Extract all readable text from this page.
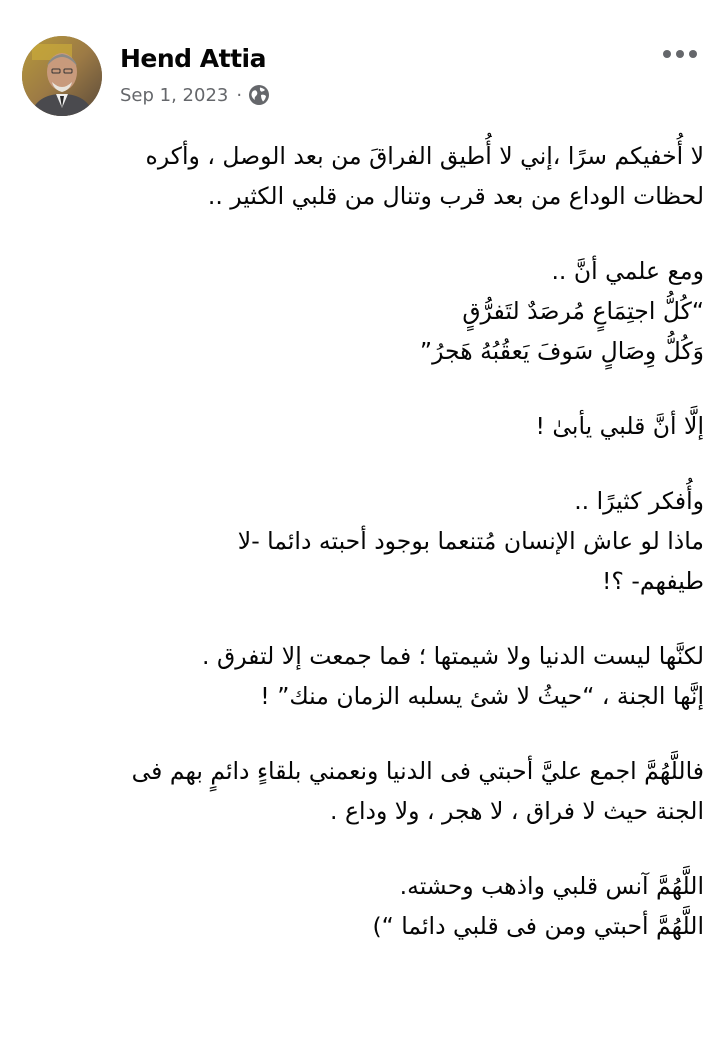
Hend Attia
Sep 1, 2023 ·
لا أُخفيكم سرًا ،إني لا أُطيق الفراقَ من بعد الوصل ، وأكره
لحظات الوداع من بعد قرب وتنال من قلبي الكثير ..
ومع علمي أنَّ ..
“كُلُّ اجتِمَاعٍ مُرصَدٌ لتَفرُّقٍ
وَكُلُّ وِصَالٍ سَوفَ يَعقُبُهُ هَجرُ”
إلَّا أنَّ قلبي يأبىٰ !
وأُفكر كثيرًا ..
ماذا لو عاش الإنسان مُتنعما بوجود أحبته دائما -لا
طيفهم- ؟!
لكنَّها ليست الدنيا ولا شيمتها ؛ فما جمعت إلا لتفرق .
إنَّها الجنة ، “حيثُ لا شئ يسلبه الزمان منك” !
فاللَّهُمَّ اجمع عليَّ أحبتي فى الدنيا ونعمني بلقاءٍ دائمٍ بهم فى
الجنة حيث لا فراق ، لا هجر ، ولا وداع .
اللَّهُمَّ آنس قلبي واذهب وحشته.
اللَّهُمَّ أحبتي ومن فى قلبي دائما “)
